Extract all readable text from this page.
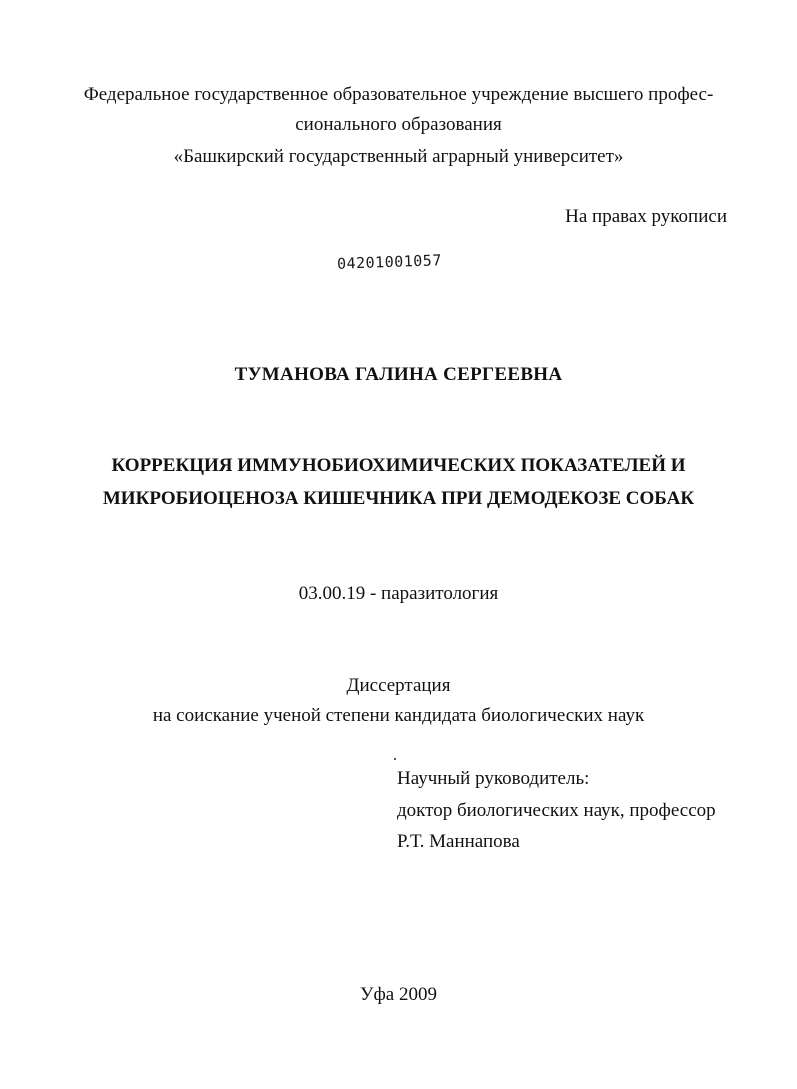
Федеральное государственное образовательное учреждение высшего профес-
сионального образования
«Башкирский государственный аграрный университет»
На правах рукописи
04201001057
ТУМАНОВА ГАЛИНА СЕРГЕЕВНА
КОРРЕКЦИЯ ИММУНОБИОХИМИЧЕСКИХ ПОКАЗАТЕЛЕЙ И
МИКРОБИОЦЕНОЗА КИШЕЧНИКА ПРИ ДЕМОДЕКОЗЕ СОБАК
03.00.19 - паразитология
Диссертация
на соискание ученой степени кандидата биологических наук
Научный руководитель:
доктор биологических наук, профессор
Р.Т. Маннапова
Уфа 2009
